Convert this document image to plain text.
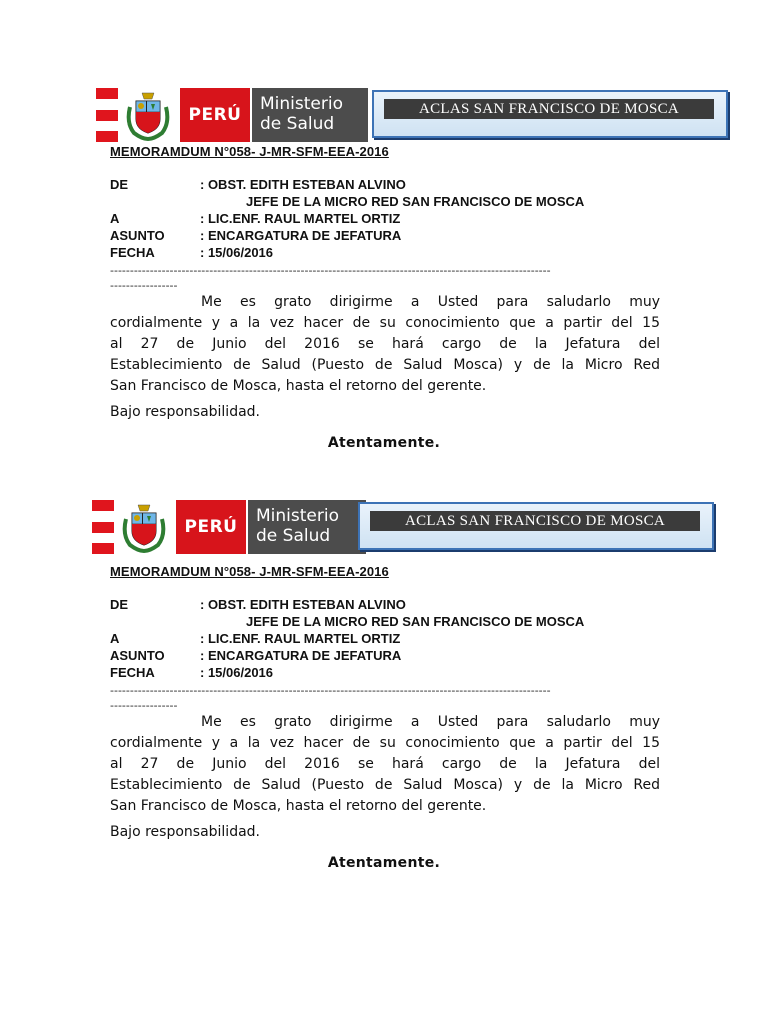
PERÚ
Ministerio
de Salud
ACLAS SAN FRANCISCO DE MOSCA
MEMORAMDUM N°058- J-MR-SFM-EEA-2016
DE	: OBST. EDITH ESTEBAN ALVINO
JEFE DE LA MICRO RED SAN FRANCISCO DE MOSCA
A	: LIC.ENF. RAUL MARTEL ORTIZ
ASUNTO	: ENCARGATURA DE JEFATURA
FECHA	: 15/06/2016
---------------------------------------------------------------------------------------------------------------
-----------------
Me es grato dirigirme a Usted para saludarlo muy
cordialmente y a la vez hacer de su conocimiento que a partir del 15
al 27 de Junio del 2016 se hará cargo de la Jefatura del
Establecimiento de Salud (Puesto de Salud Mosca) y de la Micro Red
San Francisco de Mosca, hasta el retorno del gerente.
Bajo responsabilidad.
Atentamente.
PERÚ
Ministerio
de Salud
ACLAS SAN FRANCISCO DE MOSCA
MEMORAMDUM N°058- J-MR-SFM-EEA-2016
DE	: OBST. EDITH ESTEBAN ALVINO
JEFE DE LA MICRO RED SAN FRANCISCO DE MOSCA
A	: LIC.ENF. RAUL MARTEL ORTIZ
ASUNTO	: ENCARGATURA DE JEFATURA
FECHA	: 15/06/2016
---------------------------------------------------------------------------------------------------------------
-----------------
Me es grato dirigirme a Usted para saludarlo muy
cordialmente y a la vez hacer de su conocimiento que a partir del 15
al 27 de Junio del 2016 se hará cargo de la Jefatura del
Establecimiento de Salud (Puesto de Salud Mosca) y de la Micro Red
San Francisco de Mosca, hasta el retorno del gerente.
Bajo responsabilidad.
Atentamente.
